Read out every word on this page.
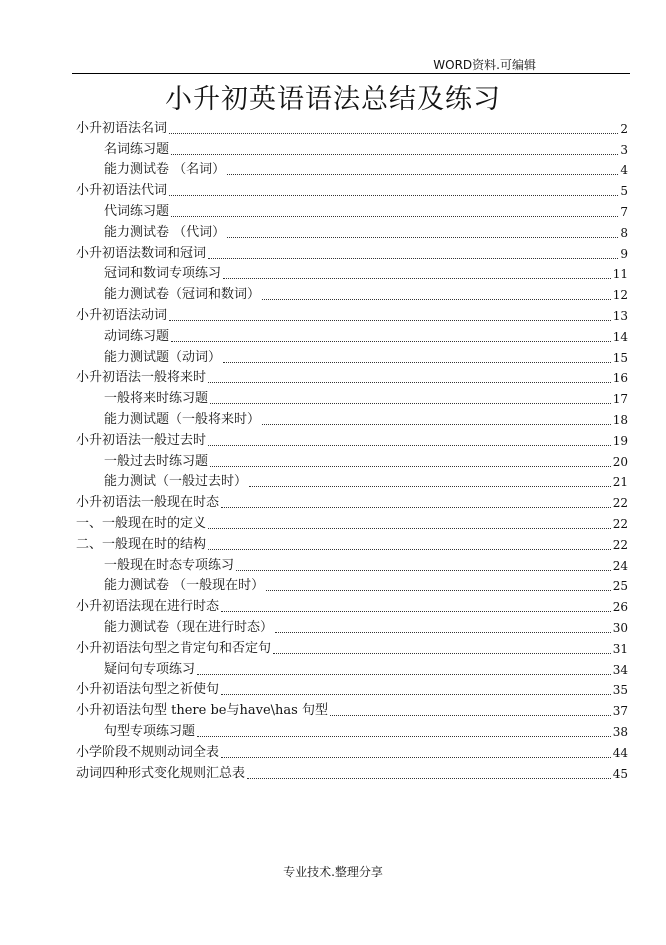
WORD资料.可编辑
小升初英语语法总结及练习
小升初语法名词	2
名词练习题	3
能力测试卷 （名词）	4
小升初语法代词	5
代词练习题	7
能力测试卷 （代词）	8
小升初语法数词和冠词	9
冠词和数词专项练习	11
能力测试卷（冠词和数词）	12
小升初语法动词	13
动词练习题	14
能力测试题（动词）	15
小升初语法一般将来时	16
一般将来时练习题	17
能力测试题（一般将来时）	18
小升初语法一般过去时	19
一般过去时练习题	20
能力测试（一般过去时）	21
小升初语法一般现在时态	22
一、一般现在时的定义	22
二、一般现在时的结构	22
一般现在时态专项练习	24
能力测试卷 （一般现在时）	25
小升初语法现在进行时态	26
能力测试卷（现在进行时态）	30
小升初语法句型之肯定句和否定句	31
疑问句专项练习	34
小升初语法句型之祈使句	35
小升初语法句型 there be与have\has 句型	37
句型专项练习题	38
小学阶段不规则动词全表	44
动词四种形式变化规则汇总表	45
专业技术.整理分享
